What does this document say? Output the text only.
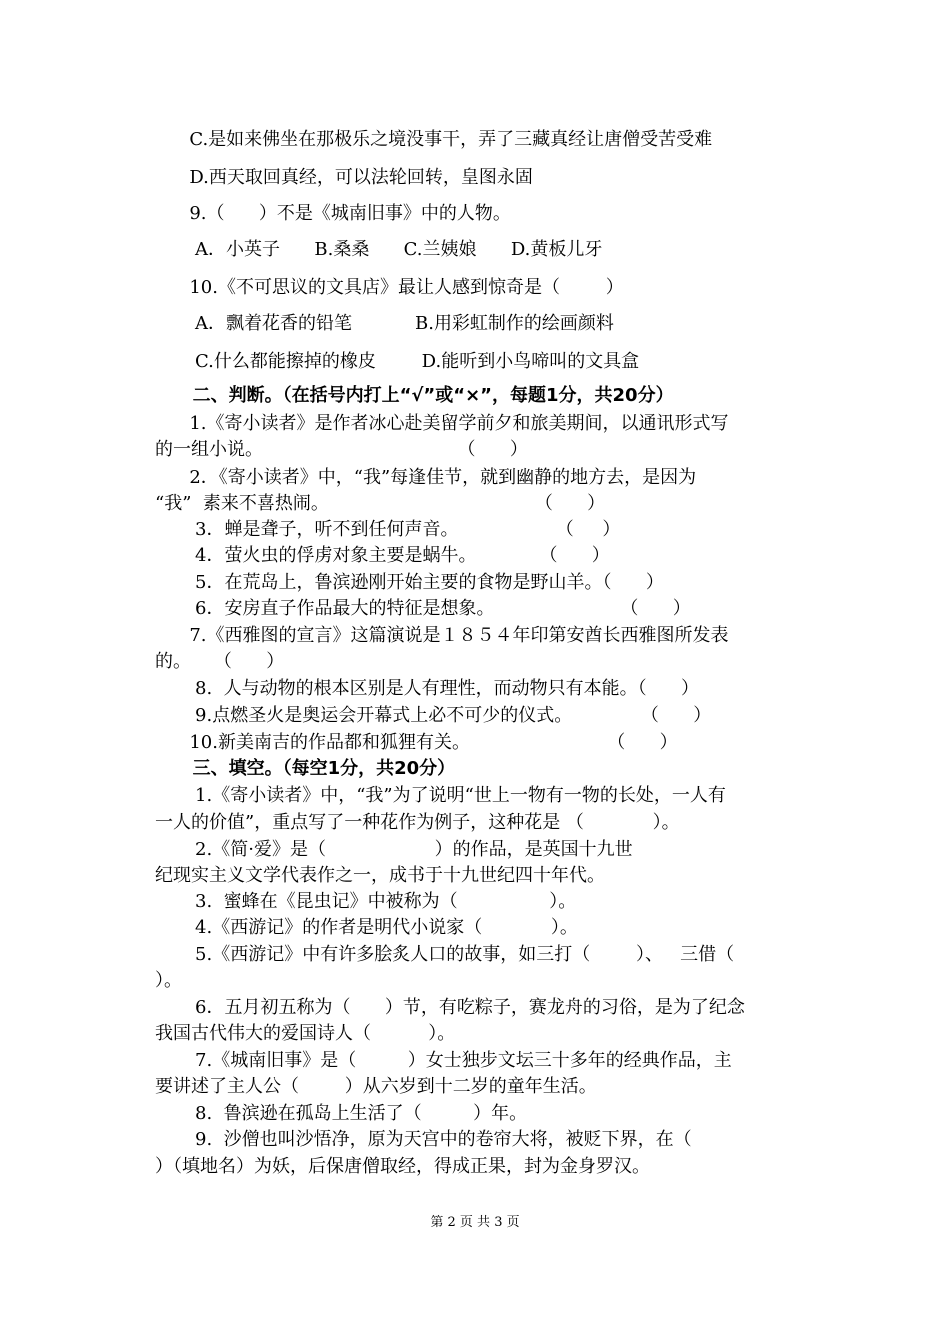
C.是如来佛坐在那极乐之境没事干，弄了三藏真经让唐僧受苦受难
D.西天取回真经，可以法轮回转，皇图永固
9.（      ）不是《城南旧事》中的人物。
A．小英子      B.桑桑      C.兰姨娘      D.黄板儿牙
10.《不可思议的文具店》最让人感到惊奇是（        ）
A．飘着花香的铅笔           B.用彩虹制作的绘画颜料
C.什么都能擦掉的橡皮        D.能听到小鸟啼叫的文具盒
二、判断。（在括号内打上“√”或“×”，每题1分，共20分）
1.《寄小读者》是作者冰心赴美留学前夕和旅美期间，以通讯形式写
的一组小说。                                  （      ）
2．《寄小读者》中，“我”每逢佳节，就到幽静的地方去，是因为
“我”  素来不喜热闹。                                    （      ）
3．蝉是聋子，听不到任何声音。                 （     ）
4．萤火虫的俘虏对象主要是蜗牛。           （      ）
5．在荒岛上，鲁滨逊刚开始主要的食物是野山羊。（      ）
6．安房直子作品最大的特征是想象。                      （      ）
7.《西雅图的宣言》这篇演说是１８５４年印第安酋长西雅图所发表
的。    （      ）
8.  人与动物的根本区别是人有理性，而动物只有本能。（      ）
9.点燃圣火是奥运会开幕式上必不可少的仪式。            （      ）
10.新美南吉的作品都和狐狸有关。                        （      ）
三、填空。（每空1分，共20分）
1.《寄小读者》中，“我”为了说明“世上一物有一物的长处，一人有
一人的价值”，重点写了一种花作为例子，这种花是 （            ）。
2.《简·爱》是（                   ）的作品，是英国十九世
纪现实主义文学代表作之一，成书于十九世纪四十年代。
3.  蜜蜂在《昆虫记》中被称为（                ）。
4.《西游记》的作者是明代小说家（            ）。
5.《西游记》中有许多脍炙人口的故事，如三打（        ）、   三借（
）。
6．五月初五称为（      ）节，有吃粽子，赛龙舟的习俗，是为了纪念
我国古代伟大的爱国诗人（          ）。
7.《城南旧事》是（         ）女士独步文坛三十多年的经典作品，主
要讲述了主人公（        ）从六岁到十二岁的童年生活。
8.  鲁滨逊在孤岛上生活了（         ）年。
9.  沙僧也叫沙悟净，原为天宫中的卷帘大将，被贬下界，在（
）（填地名）为妖，后保唐僧取经，得成正果，封为金身罗汉。
第 2 页 共 3 页
